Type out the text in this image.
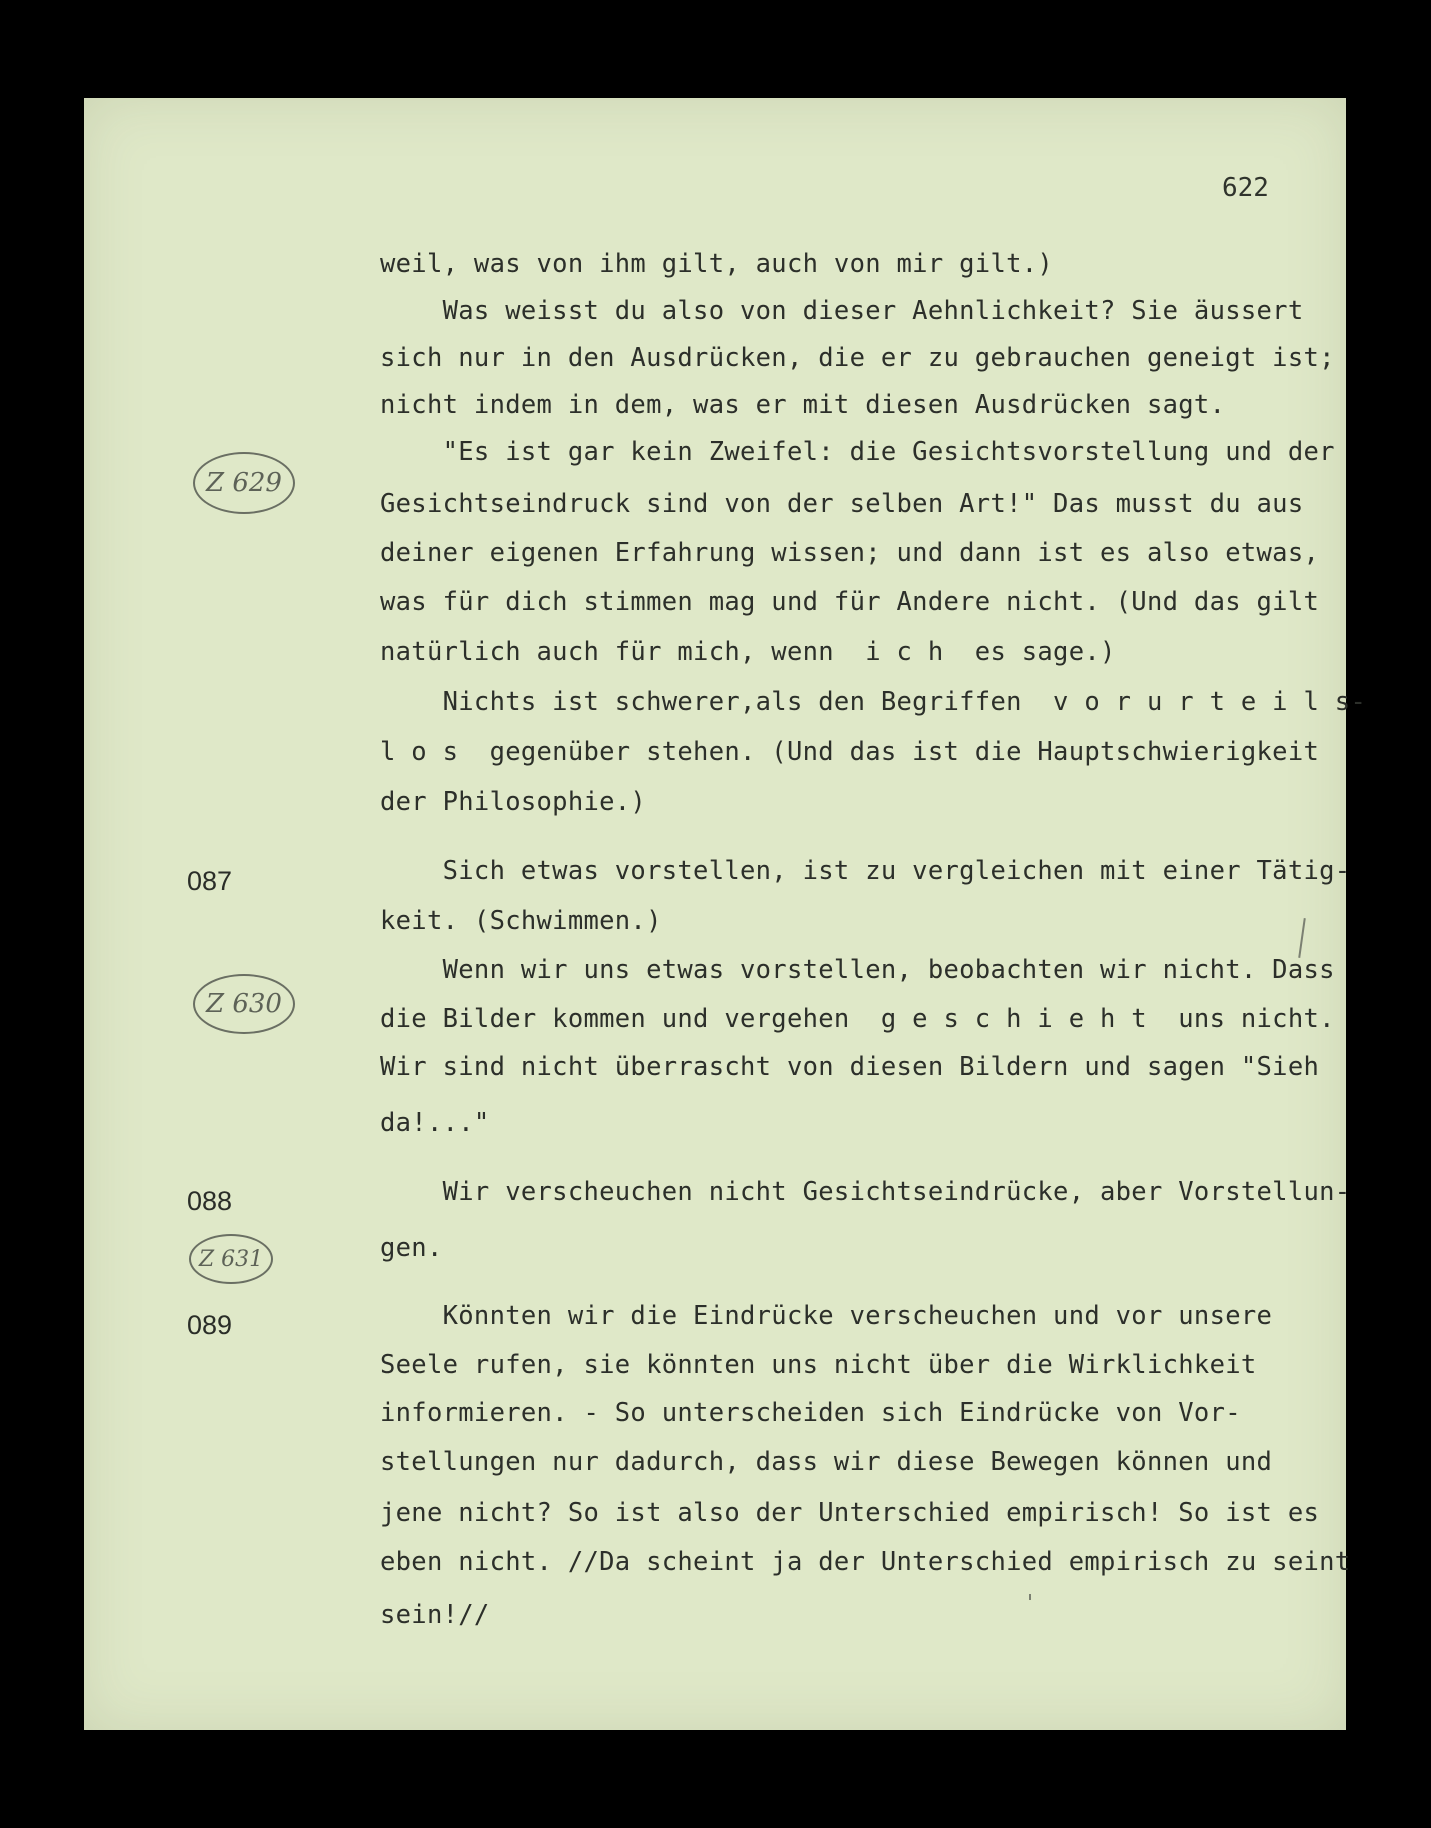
622
weil, was von ihm gilt, auch von mir gilt.)
Was weisst du also von dieser Aehnlichkeit? Sie äussert
sich nur in den Ausdrücken, die er zu gebrauchen geneigt ist;
nicht indem in dem, was er mit diesen Ausdrücken sagt.
"Es ist gar kein Zweifel: die Gesichtsvorstellung und der
Gesichtseindruck sind von der selben Art!" Das musst du aus
deiner eigenen Erfahrung wissen; und dann ist es also etwas,
was für dich stimmen mag und für Andere nicht. (Und das gilt
natürlich auch für mich, wenn  i c h  es sage.)
Nichts ist schwerer,als den Begriffen  v o r u r t e i l s-
l o s  gegenüber stehen. (Und das ist die Hauptschwierigkeit
der Philosophie.)
Sich etwas vorstellen, ist zu vergleichen mit einer Tätig-
keit. (Schwimmen.)
Wenn wir uns etwas vorstellen, beobachten wir nicht. Dass
die Bilder kommen und vergehen  g e s c h i e h t  uns nicht.
Wir sind nicht überrascht von diesen Bildern und sagen "Sieh
da!..."
Wir verscheuchen nicht Gesichtseindrücke, aber Vorstellun-
gen.
Könnten wir die Eindrücke verscheuchen und vor unsere
Seele rufen, sie könnten uns nicht über die Wirklichkeit
informieren. - So unterscheiden sich Eindrücke von Vor-
stellungen nur dadurch, dass wir diese Bewegen können und
jene nicht? So ist also der Unterschied empirisch! So ist es
eben nicht. //Da scheint ja der Unterschied empirisch zu seint
sein!//
087
088
089
Z 629
Z 630
Z 631
